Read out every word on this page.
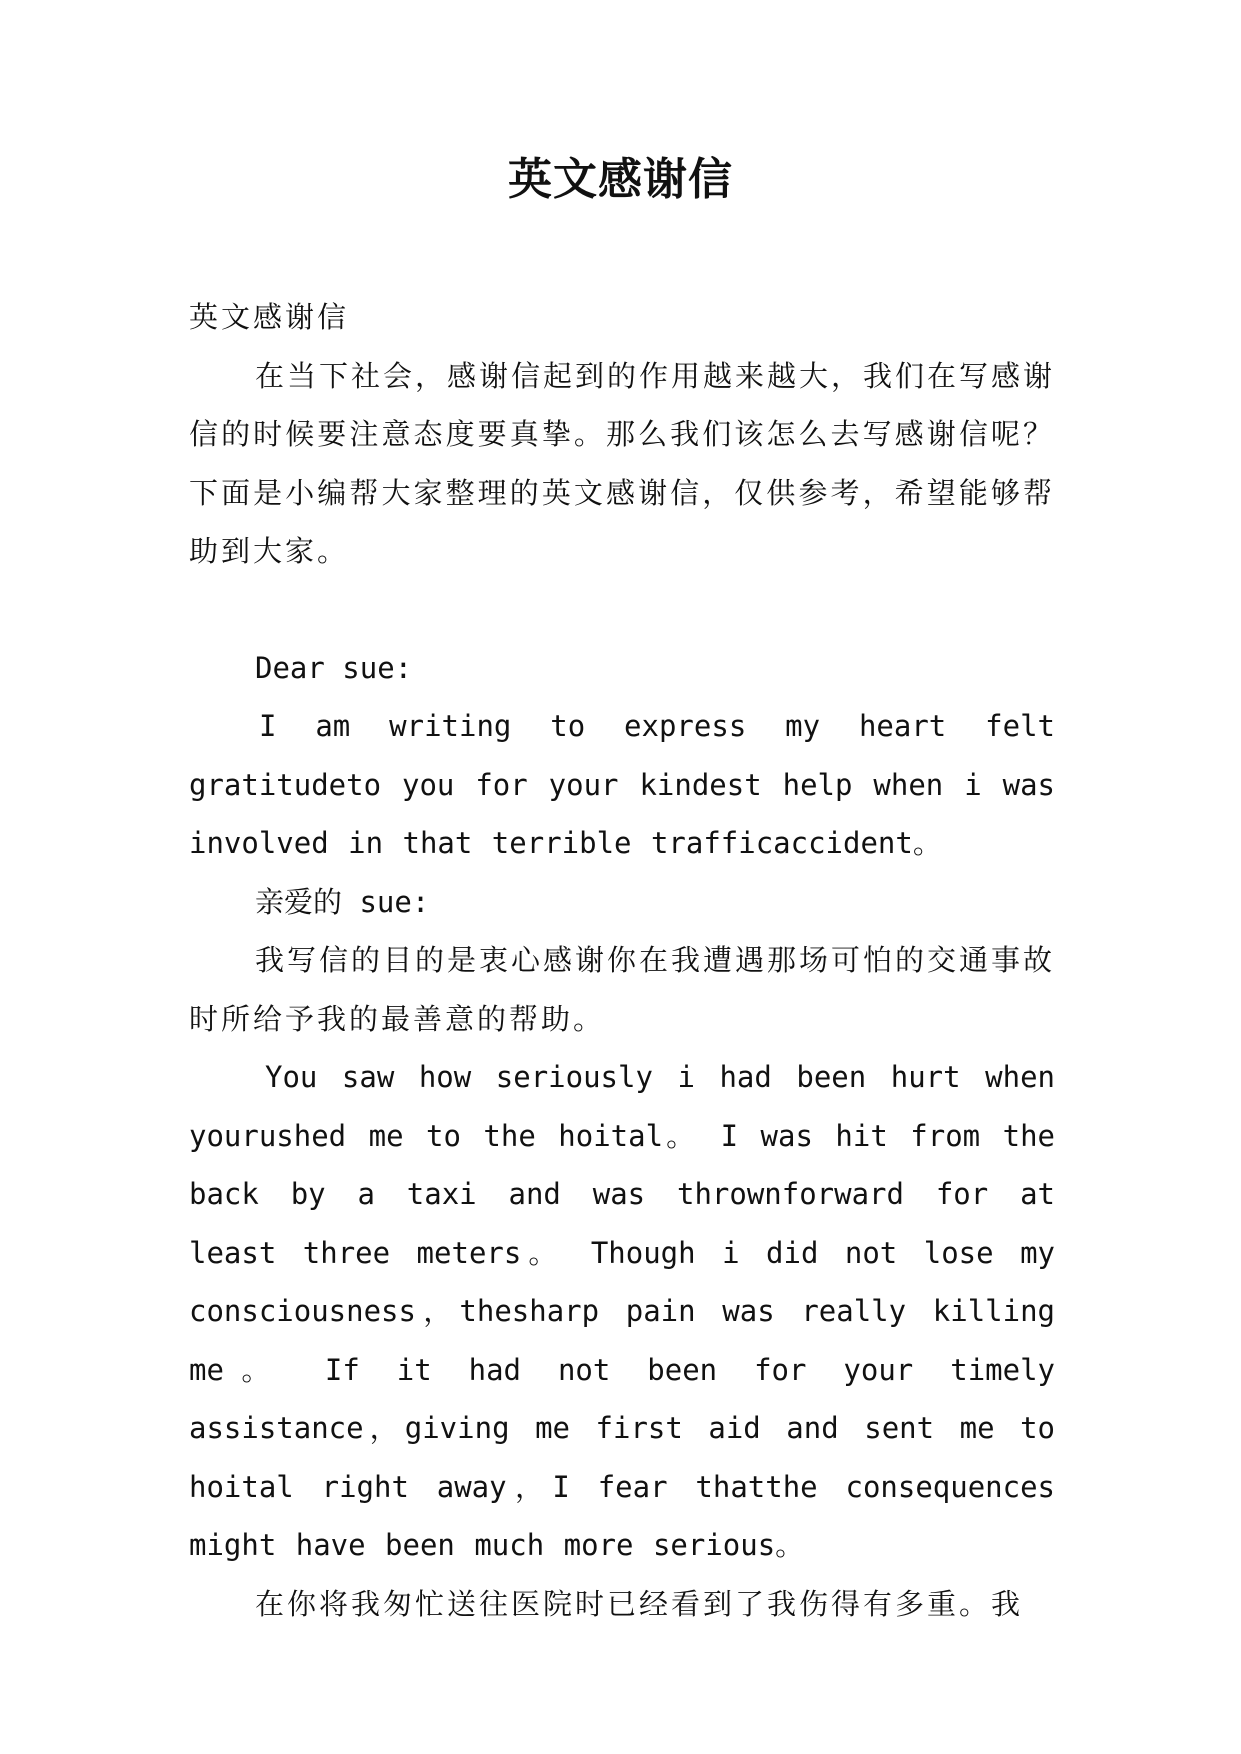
英文感谢信

英文感谢信

在当下社会，感谢信起到的作用越来越大，我们在写感谢信的时候要注意态度要真挚。那么我们该怎么去写感谢信呢？下面是小编帮大家整理的英文感谢信，仅供参考，希望能够帮助到大家。

Dear sue:

I am writing to express my heart felt gratitudeto you for your kindest help when i was involved in that terrible trafficaccident。

亲爱的 sue:

我写信的目的是衷心感谢你在我遭遇那场可怕的交通事故时所给予我的最善意的帮助。

You saw how seriously i had been hurt when yourushed me to the hoital。 I was hit from the back by a taxi and was thrownforward for at least three meters。 Though i did not lose my consciousness，thesharp pain was really killing me。 If it had not been for your timely assistance，giving me first aid and sent me to hoital right away，I fear thatthe consequences might have been much more serious。

在你将我匆忙送往医院时已经看到了我伤得有多重。我
